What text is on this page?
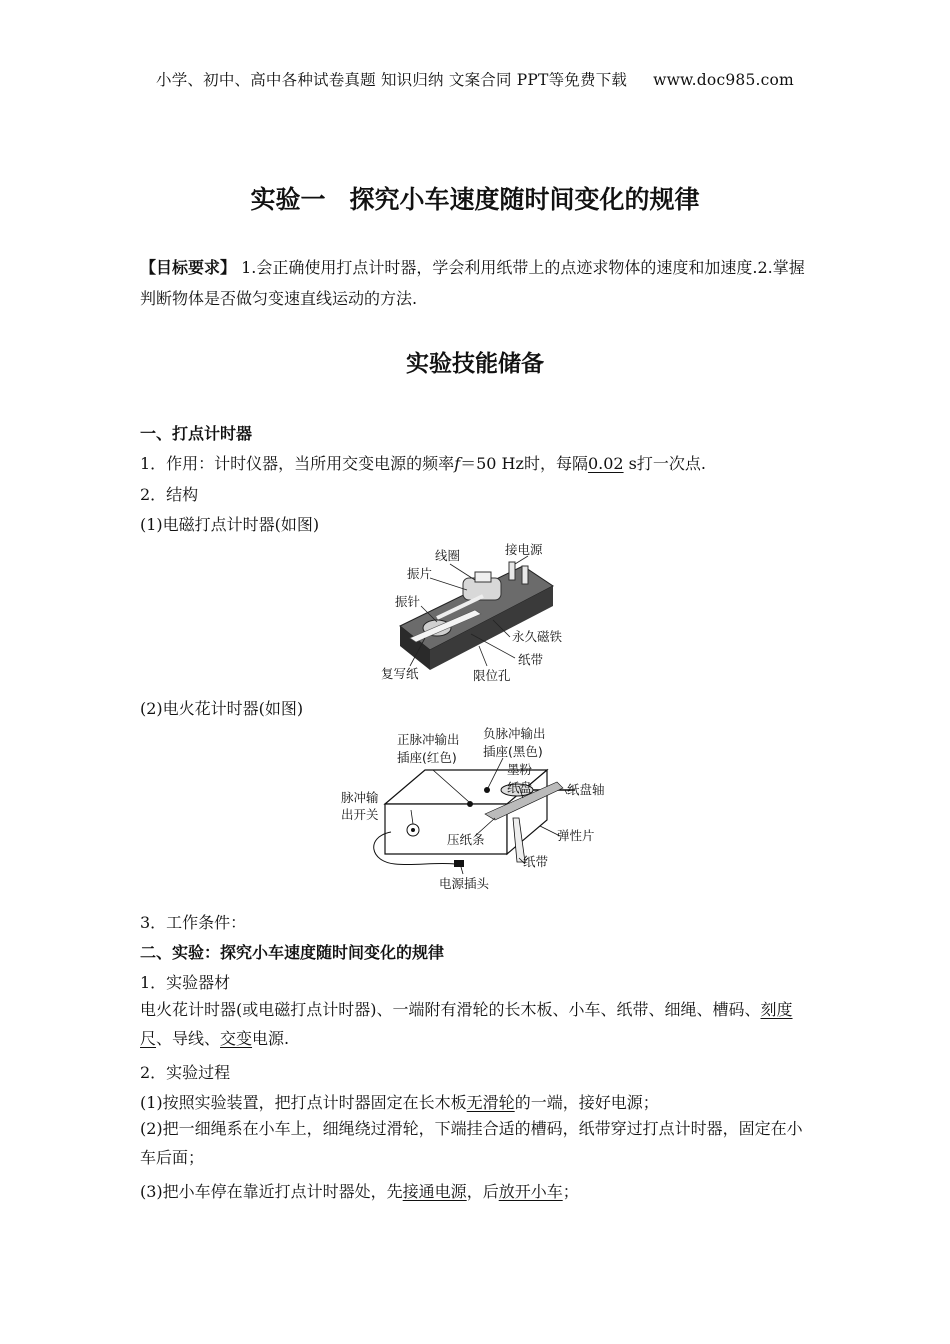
小学、初中、高中各种试卷真题 知识归纳 文案合同 PPT等免费下载 www.doc985.com
实验一 探究小车速度随时间变化的规律
【目标要求】 1.会正确使用打点计时器，学会利用纸带上的点迹求物体的速度和加速度.2.掌握判断物体是否做匀变速直线运动的方法.
实验技能储备
一、打点计时器
1．作用：计时仪器，当所用交变电源的频率f＝50 Hz时，每隔0.02 s打一次点.
2．结构
(1)电磁打点计时器(如图)
线圈	接电源
振片
振针
永久磁铁
纸带
复写纸	限位孔
(2)电火花计时器(如图)
正脉冲输出
插座(红色)
负脉冲输出
插座(黑色)
墨粉
纸盘	纸盘轴
脉冲输
出开关
弹性片
压纸条
纸带
电源插头
3．工作条件：
二、实验：探究小车速度随时间变化的规律
1．实验器材
电火花计时器(或电磁打点计时器)、一端附有滑轮的长木板、小车、纸带、细绳、槽码、刻度尺、导线、交变电源.
2．实验过程
(1)按照实验装置，把打点计时器固定在长木板无滑轮的一端，接好电源；
(2)把一细绳系在小车上，细绳绕过滑轮，下端挂合适的槽码，纸带穿过打点计时器，固定在小车后面；
(3)把小车停在靠近打点计时器处，先接通电源，后放开小车；
